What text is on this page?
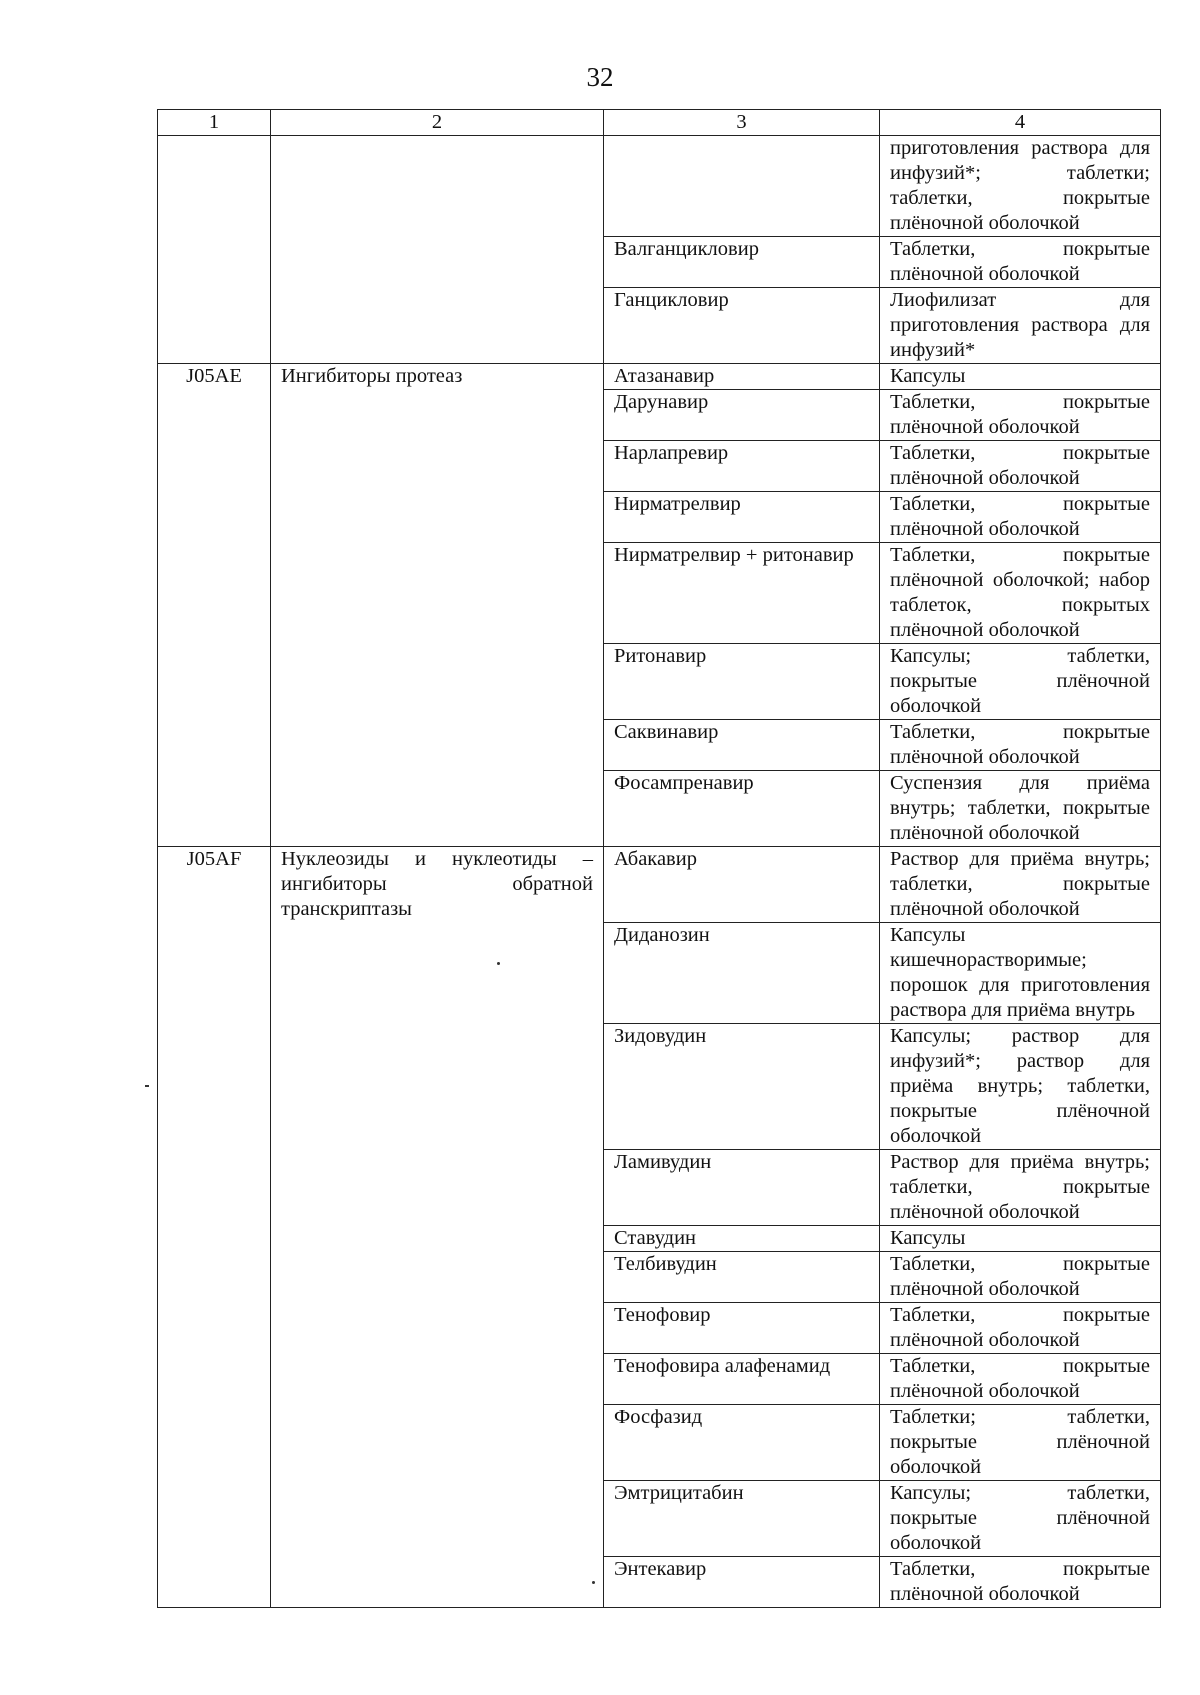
32
1	2	3	4
			приготовления раствора для инфузий*; таблетки; таблетки, покрытые плёночной оболочкой
		Валганцикловир	Таблетки, покрытые плёночной оболочкой
		Ганцикловир	Лиофилизат для приготовления раствора для инфузий*
J05AE	Ингибиторы протеаз	Атазанавир	Капсулы
		Дарунавир	Таблетки, покрытые плёночной оболочкой
		Нарлапревир	Таблетки, покрытые плёночной оболочкой
		Нирматрелвир	Таблетки, покрытые плёночной оболочкой
		Нирматрелвир + ритонавир	Таблетки, покрытые плёночной оболочкой; набор таблеток, покрытых плёночной оболочкой
		Ритонавир	Капсулы; таблетки, покрытые плёночной оболочкой
		Саквинавир	Таблетки, покрытые плёночной оболочкой
		Фосампренавир	Суспензия для приёма внутрь; таблетки, покрытые плёночной оболочкой
J05AF	Нуклеозиды и нуклеотиды – ингибиторы обратной транскриптазы	Абакавир	Раствор для приёма внутрь; таблетки, покрытые плёночной оболочкой
		Диданозин	Капсулы кишечнорастворимые; порошок для приготовления раствора для приёма внутрь
		Зидовудин	Капсулы; раствор для инфузий*; раствор для приёма внутрь; таблетки, покрытые плёночной оболочкой
		Ламивудин	Раствор для приёма внутрь; таблетки, покрытые плёночной оболочкой
		Ставудин	Капсулы
		Телбивудин	Таблетки, покрытые плёночной оболочкой
		Тенофовир	Таблетки, покрытые плёночной оболочкой
		Тенофовира алафенамид	Таблетки, покрытые плёночной оболочкой
		Фосфазид	Таблетки; таблетки, покрытые плёночной оболочкой
		Эмтрицитабин	Капсулы; таблетки, покрытые плёночной оболочкой
		Энтекавир	Таблетки, покрытые плёночной оболочкой
